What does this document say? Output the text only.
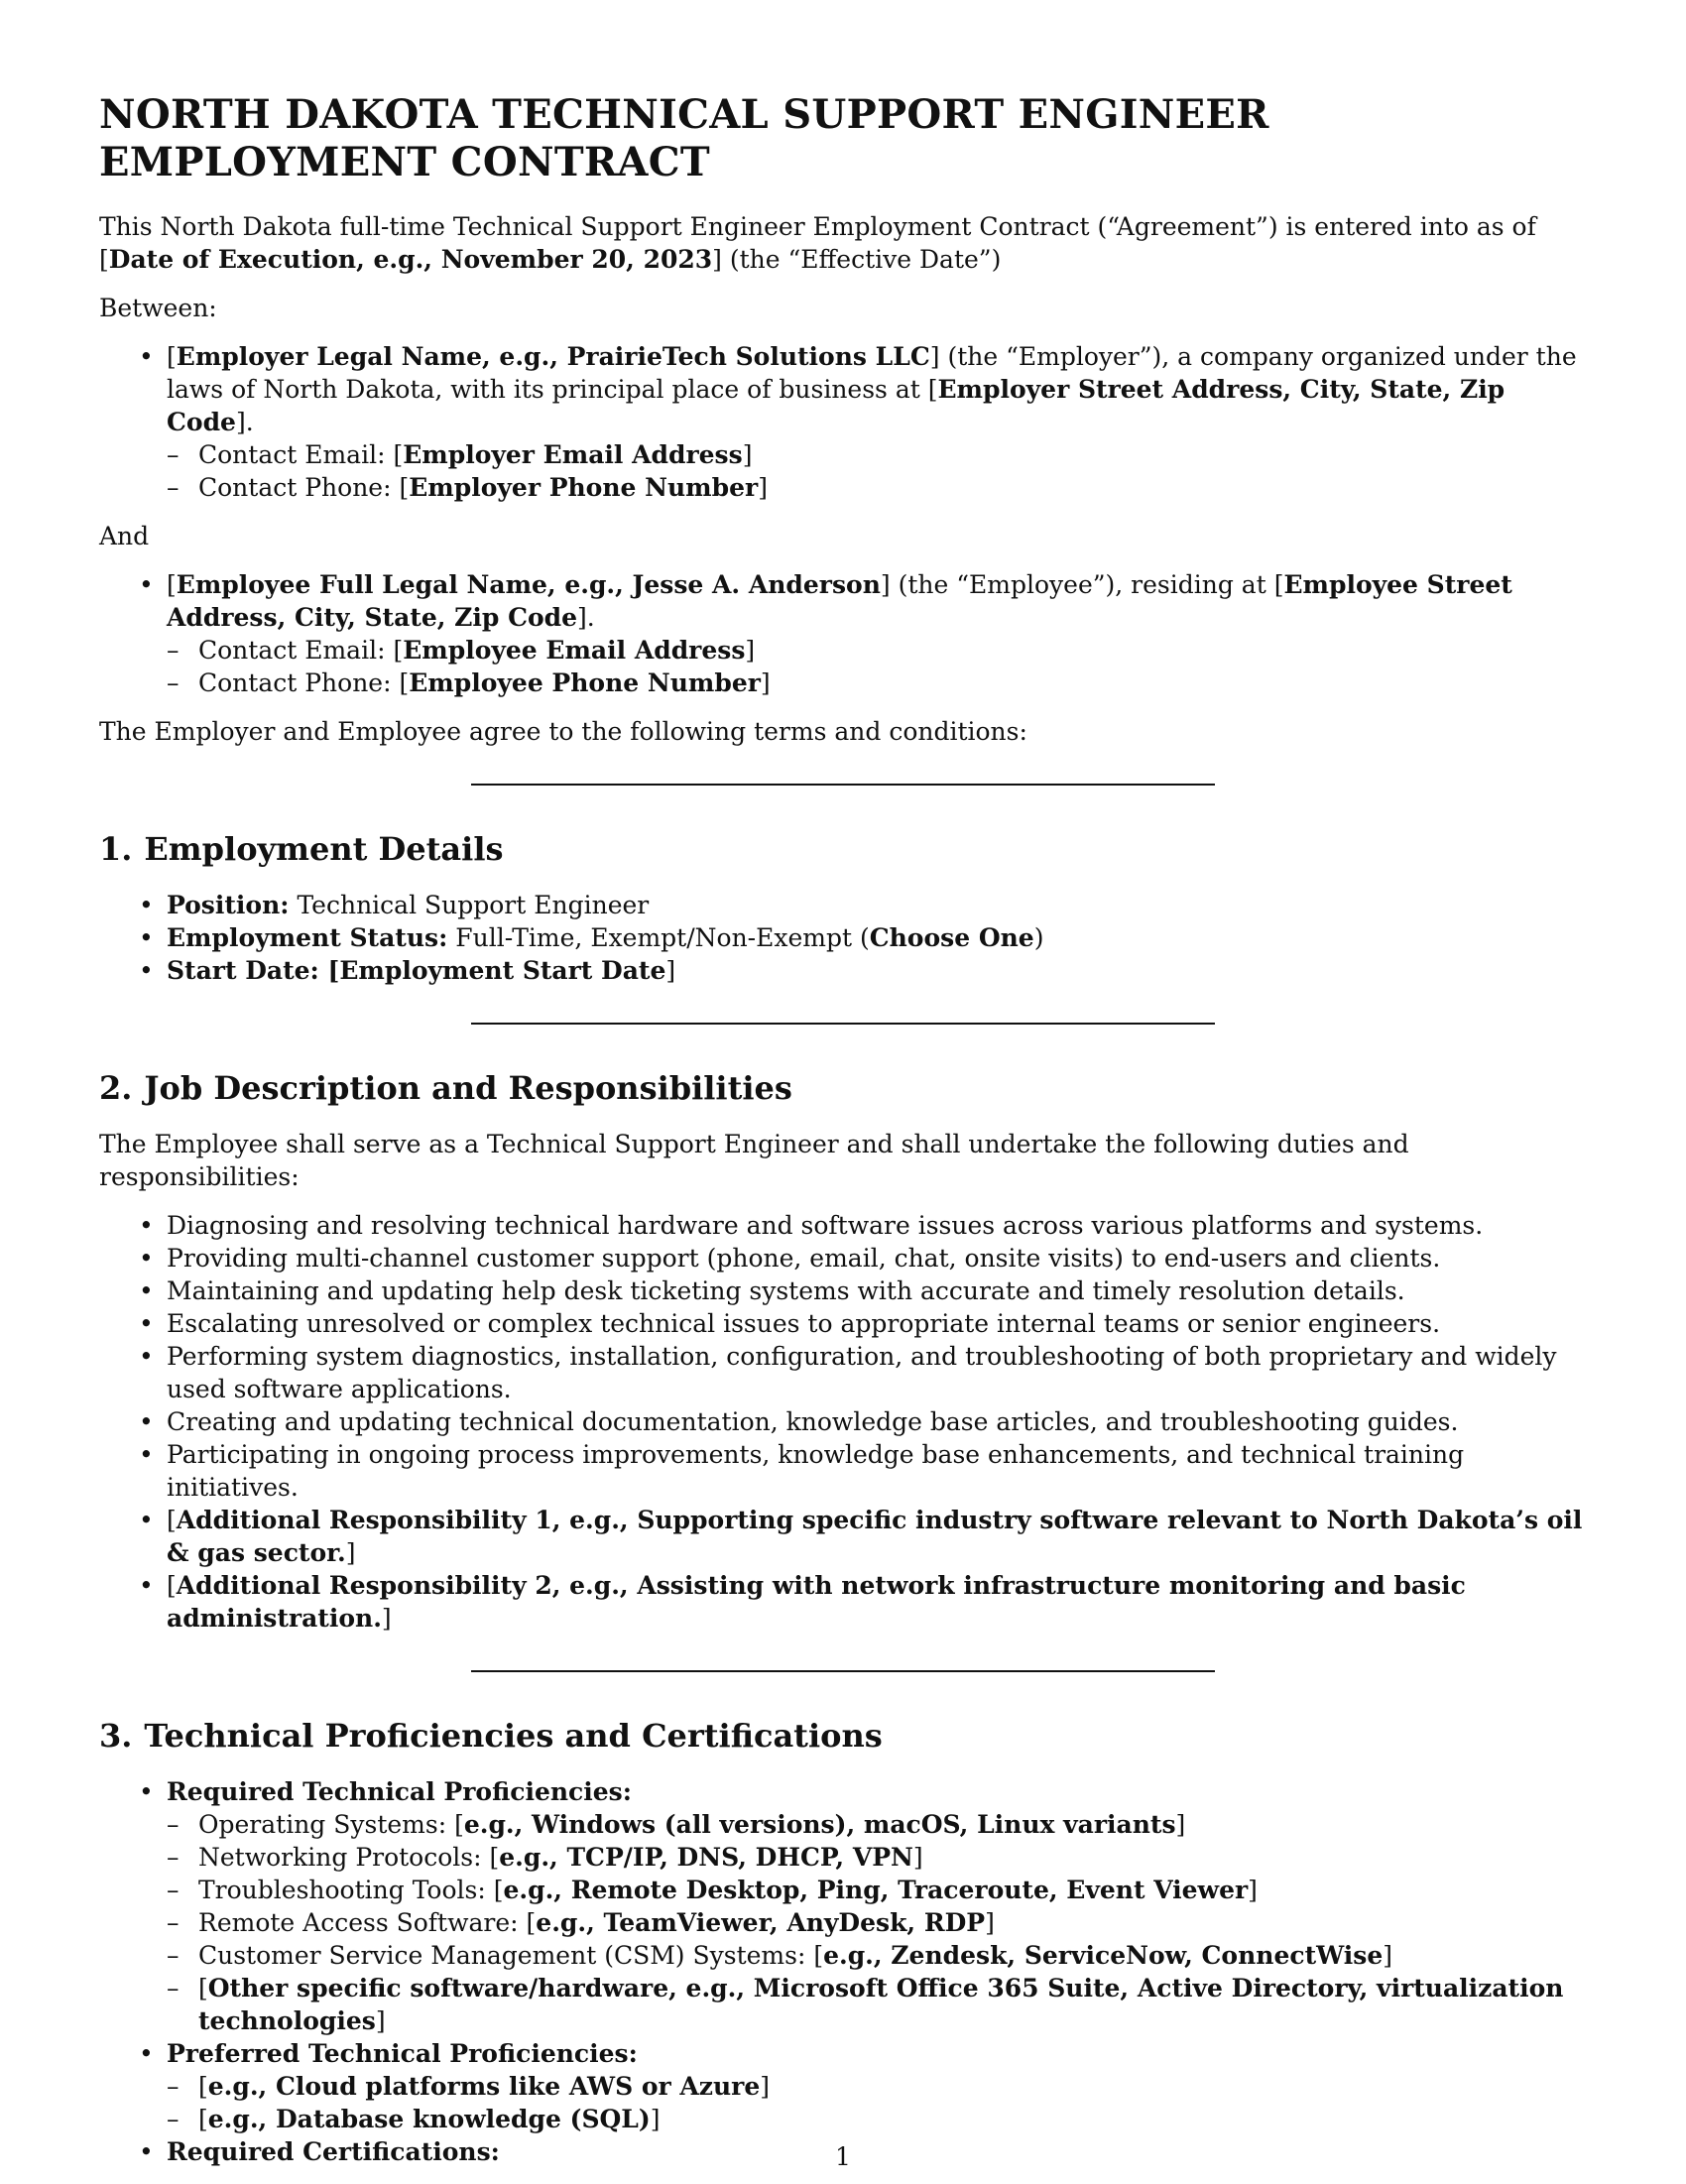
NORTH DAKOTA TECHNICAL SUPPORT ENGINEER EMPLOYMENT CONTRACT

This North Dakota full-time Technical Support Engineer Employment Contract (“Agreement”) is entered into as of [Date of Execution, e.g., November 20, 2023] (the “Effective Date”)

Between:

• [Employer Legal Name, e.g., PrairieTech Solutions LLC] (the “Employer”), a company organized under the laws of North Dakota, with its principal place of business at [Employer Street Address, City, State, Zip Code].
– Contact Email: [Employer Email Address]
– Contact Phone: [Employer Phone Number]

And

• [Employee Full Legal Name, e.g., Jesse A. Anderson] (the “Employee”), residing at [Employee Street Address, City, State, Zip Code].
– Contact Email: [Employee Email Address]
– Contact Phone: [Employee Phone Number]

The Employer and Employee agree to the following terms and conditions:

1. Employment Details
• Position: Technical Support Engineer
• Employment Status: Full-Time, Exempt/Non-Exempt (Choose One)
• Start Date: [Employment Start Date]
2. Job Description and Responsibilities

The Employee shall serve as a Technical Support Engineer and shall undertake the following duties and responsibilities:

• Diagnosing and resolving technical hardware and software issues across various platforms and systems.
• Providing multi-channel customer support (phone, email, chat, onsite visits) to end-users and clients.
• Maintaining and updating help desk ticketing systems with accurate and timely resolution details.
• Escalating unresolved or complex technical issues to appropriate internal teams or senior engineers.
• Performing system diagnostics, installation, configuration, and troubleshooting of both proprietary and widely used software applications.
• Creating and updating technical documentation, knowledge base articles, and troubleshooting guides.
• Participating in ongoing process improvements, knowledge base enhancements, and technical training initiatives.
• [Additional Responsibility 1, e.g., Supporting specific industry software relevant to North Dakota’s oil & gas sector.]
• [Additional Responsibility 2, e.g., Assisting with network infrastructure monitoring and basic administration.]
3. Technical Proficiencies and Certifications
• Required Technical Proficiencies:
– Operating Systems: [e.g., Windows (all versions), macOS, Linux variants]
– Networking Protocols: [e.g., TCP/IP, DNS, DHCP, VPN]
– Troubleshooting Tools: [e.g., Remote Desktop, Ping, Traceroute, Event Viewer]
– Remote Access Software: [e.g., TeamViewer, AnyDesk, RDP]
– Customer Service Management (CSM) Systems: [e.g., Zendesk, ServiceNow, ConnectWise]
– [Other specific software/hardware, e.g., Microsoft Office 365 Suite, Active Directory, virtualization technologies]
• Preferred Technical Proficiencies:
– [e.g., Cloud platforms like AWS or Azure]
– [e.g., Database knowledge (SQL)]
• Required Certifications:	1
